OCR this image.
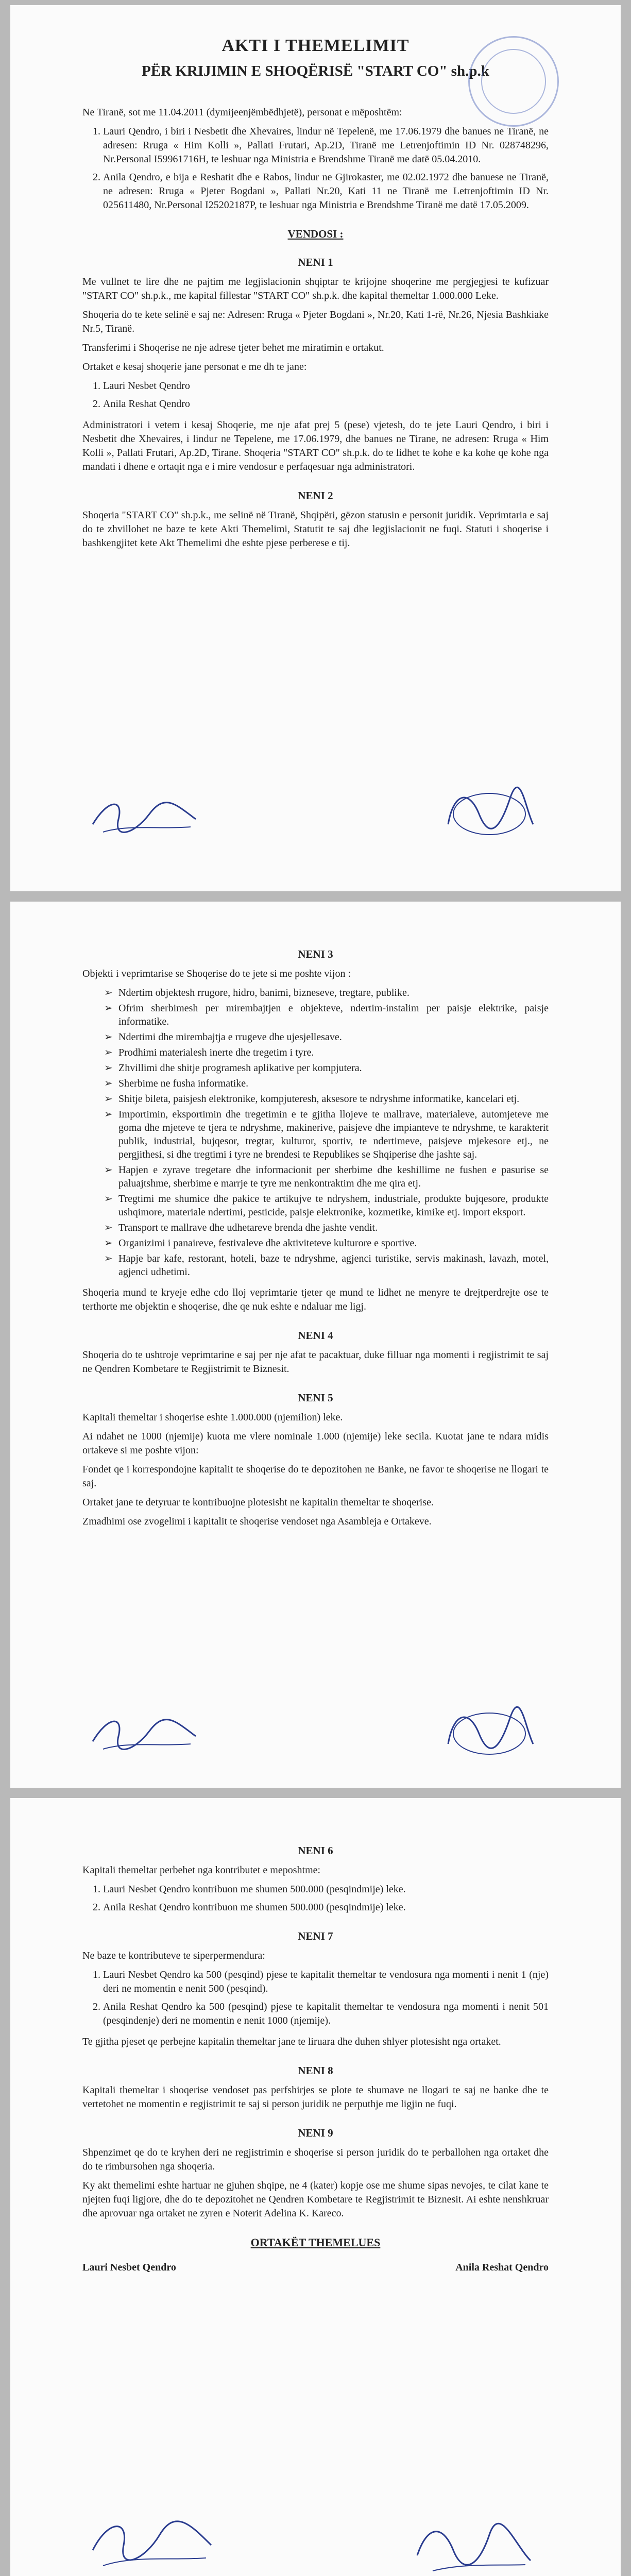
AKTI I THEMELIMIT
PËR KRIJIMIN E SHOQËRISË "START CO" sh.p.k

Ne Tiranë, sot me 11.04.2011 (dymijeenjëmbëdhjetë), personat e mëposhtëm:

1. Lauri Qendro, i biri i Nesbetit dhe Xhevaires, lindur në Tepelenë, me 17.06.1979 dhe banues ne Tiranë, ne adresen: Rruga « Him Kolli », Pallati Frutari, Ap.2D, Tiranë me Letrenjoftimin ID Nr. 028748296, Nr.Personal I59961716H, te leshuar nga Ministria e Brendshme Tiranë me datë 05.04.2010.
2. Anila Qendro, e bija e Reshatit dhe e Rabos, lindur ne Gjirokaster, me 02.02.1972 dhe banuese ne Tiranë, ne adresen: Rruga « Pjeter Bogdani », Pallati Nr.20, Kati 11 ne Tiranë me Letrenjoftimin ID Nr. 025611480, Nr.Personal I25202187P, te leshuar nga Ministria e Brendshme Tiranë me datë 17.05.2009.
VENDOSI :
NENI 1

Me vullnet te lire dhe ne pajtim me legjislacionin shqiptar te krijojne shoqerine me pergjegjesi te kufizuar "START CO" sh.p.k., me kapital fillestar "START CO" sh.p.k. dhe kapital themeltar 1.000.000 Leke.

Shoqeria do te kete selinë e saj ne: Adresen: Rruga « Pjeter Bogdani », Nr.20, Kati 1-rë, Nr.26, Njesia Bashkiake Nr.5, Tiranë.

Transferimi i Shoqerise ne nje adrese tjeter behet me miratimin e ortakut.

Ortaket e kesaj shoqerie jane personat e me dh te jane:

1. Lauri Nesbet Qendro
2. Anila Reshat Qendro

Administratori i vetem i kesaj Shoqerie, me nje afat prej 5 (pese) vjetesh, do te jete Lauri Qendro, i biri i Nesbetit dhe Xhevaires, i lindur ne Tepelene, me 17.06.1979, dhe banues ne Tirane, ne adresen: Rruga « Him Kolli », Pallati Frutari, Ap.2D, Tirane. Shoqeria "START CO" sh.p.k. do te lidhet te kohe e ka kohe qe kohe nga mandati i dhene e ortaqit nga e i mire vendosur e perfaqesuar nga administratori.

NENI 2

Shoqeria "START CO" sh.p.k., me selinë në Tiranë, Shqipëri, gëzon statusin e personit juridik. Veprimtaria e saj do te zhvillohet ne baze te kete Akti Themelimi, Statutit te saj dhe legjislacionit ne fuqi. Statuti i shoqerise i bashkengjitet kete Akt Themelimi dhe eshte pjese perberese e tij.

NENI 3

Objekti i veprimtarise se Shoqerise do te jete si me poshte vijon :

➢ Ndertim objektesh rrugore, hidro, banimi, bizneseve, tregtare, publike.
➢ Ofrim sherbimesh per mirembajtjen e objekteve, ndertim-instalim per paisje elektrike, paisje informatike.
➢ Ndertimi dhe mirembajtja e rrugeve dhe ujesjellesave.
➢ Prodhimi materialesh inerte dhe tregetim i tyre.
➢ Zhvillimi dhe shitje programesh aplikative per kompjutera.
➢ Sherbime ne fusha informatike.
➢ Shitje bileta, paisjesh elektronike, kompjuteresh, aksesore te ndryshme informatike, kancelari etj.
➢ Importimin, eksportimin dhe tregetimin e te gjitha llojeve te mallrave, materialeve, automjeteve me goma dhe mjeteve te tjera te ndryshme, makinerive, paisjeve dhe impianteve te ndryshme, te karakterit publik, industrial, bujqesor, tregtar, kulturor, sportiv, te ndertimeve, paisjeve mjekesore etj., ne pergjithesi, si dhe tregtimi i tyre ne brendesi te Republikes se Shqiperise dhe jashte saj.
➢ Hapjen e zyrave tregetare dhe informacionit per sherbime dhe keshillime ne fushen e pasurise se paluajtshme, sherbime e marrje te tyre me nenkontraktim dhe me qira etj.
➢ Tregtimi me shumice dhe pakice te artikujve te ndryshem, industriale, produkte bujqesore, produkte ushqimore, materiale ndertimi, pesticide, paisje elektronike, kozmetike, kimike etj. import eksport.
➢ Transport te mallrave dhe udhetareve brenda dhe jashte vendit.
➢ Organizimi i panaireve, festivaleve dhe aktiviteteve kulturore e sportive.
➢ Hapje bar kafe, restorant, hoteli, baze te ndryshme, agjenci turistike, servis makinash, lavazh, motel, agjenci udhetimi.

Shoqeria mund te kryeje edhe cdo lloj veprimtarie tjeter qe mund te lidhet ne menyre te drejtperdrejte ose te terthorte me objektin e shoqerise, dhe qe nuk eshte e ndaluar me ligj.

NENI 4

Shoqeria do te ushtroje veprimtarine e saj per nje afat te pacaktuar, duke filluar nga momenti i regjistrimit te saj ne Qendren Kombetare te Regjistrimit te Biznesit.

NENI 5

Kapitali themeltar i shoqerise eshte 1.000.000 (njemilion) leke.

Ai ndahet ne 1000 (njemije) kuota me vlere nominale 1.000 (njemije) leke secila. Kuotat jane te ndara midis ortakeve si me poshte vijon:

Fondet qe i korrespondojne kapitalit te shoqerise do te depozitohen ne Banke, ne favor te shoqerise ne llogari te saj.

Ortaket jane te detyruar te kontribuojne plotesisht ne kapitalin themeltar te shoqerise.

Zmadhimi ose zvogelimi i kapitalit te shoqerise vendoset nga Asambleja e Ortakeve.

NENI 6

Kapitali themeltar perbehet nga kontributet e meposhtme:

1. Lauri Nesbet Qendro kontribuon me shumen 500.000 (pesqindmije) leke.
2. Anila Reshat Qendro kontribuon me shumen 500.000 (pesqindmije) leke.
NENI 7

Ne baze te kontributeve te siperpermendura:

1. Lauri Nesbet Qendro ka 500 (pesqind) pjese te kapitalit themeltar te vendosura nga momenti i nenit 1 (nje) deri ne momentin e nenit 500 (pesqind).
2. Anila Reshat Qendro ka 500 (pesqind) pjese te kapitalit themeltar te vendosura nga momenti i nenit 501 (pesqindenje) deri ne momentin e nenit 1000 (njemije).

Te gjitha pjeset qe perbejne kapitalin themeltar jane te liruara dhe duhen shlyer plotesisht nga ortaket.

NENI 8

Kapitali themeltar i shoqerise vendoset pas perfshirjes se plote te shumave ne llogari te saj ne banke dhe te vertetohet ne momentin e regjistrimit te saj si person juridik ne perputhje me ligjin ne fuqi.

NENI 9

Shpenzimet qe do te kryhen deri ne regjistrimin e shoqerise si person juridik do te perballohen nga ortaket dhe do te rimbursohen nga shoqeria.

Ky akt themelimi eshte hartuar ne gjuhen shqipe, ne 4 (kater) kopje ose me shume sipas nevojes, te cilat kane te njejten fuqi ligjore, dhe do te depozitohet ne Qendren Kombetare te Regjistrimit te Biznesit. Ai eshte nenshkruar dhe aprovuar nga ortaket ne zyren e Noterit Adelina K. Kareco.

ORTAKËT THEMELUES
Lauri Nesbet Qendro	Anila Reshat Qendro
